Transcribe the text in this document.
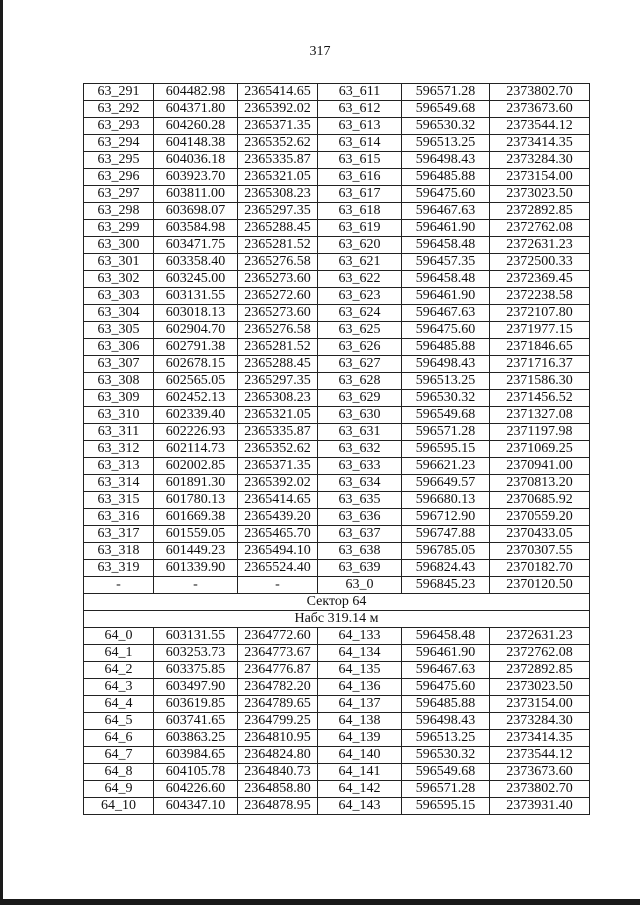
317
63_291	604482.98	2365414.65	63_611	596571.28	2373802.70
63_292	604371.80	2365392.02	63_612	596549.68	2373673.60
63_293	604260.28	2365371.35	63_613	596530.32	2373544.12
63_294	604148.38	2365352.62	63_614	596513.25	2373414.35
63_295	604036.18	2365335.87	63_615	596498.43	2373284.30
63_296	603923.70	2365321.05	63_616	596485.88	2373154.00
63_297	603811.00	2365308.23	63_617	596475.60	2373023.50
63_298	603698.07	2365297.35	63_618	596467.63	2372892.85
63_299	603584.98	2365288.45	63_619	596461.90	2372762.08
63_300	603471.75	2365281.52	63_620	596458.48	2372631.23
63_301	603358.40	2365276.58	63_621	596457.35	2372500.33
63_302	603245.00	2365273.60	63_622	596458.48	2372369.45
63_303	603131.55	2365272.60	63_623	596461.90	2372238.58
63_304	603018.13	2365273.60	63_624	596467.63	2372107.80
63_305	602904.70	2365276.58	63_625	596475.60	2371977.15
63_306	602791.38	2365281.52	63_626	596485.88	2371846.65
63_307	602678.15	2365288.45	63_627	596498.43	2371716.37
63_308	602565.05	2365297.35	63_628	596513.25	2371586.30
63_309	602452.13	2365308.23	63_629	596530.32	2371456.52
63_310	602339.40	2365321.05	63_630	596549.68	2371327.08
63_311	602226.93	2365335.87	63_631	596571.28	2371197.98
63_312	602114.73	2365352.62	63_632	596595.15	2371069.25
63_313	602002.85	2365371.35	63_633	596621.23	2370941.00
63_314	601891.30	2365392.02	63_634	596649.57	2370813.20
63_315	601780.13	2365414.65	63_635	596680.13	2370685.92
63_316	601669.38	2365439.20	63_636	596712.90	2370559.20
63_317	601559.05	2365465.70	63_637	596747.88	2370433.05
63_318	601449.23	2365494.10	63_638	596785.05	2370307.55
63_319	601339.90	2365524.40	63_639	596824.43	2370182.70
-	-	-	63_0	596845.23	2370120.50
Сектор 64					
Набс 319.14 м					
64_0	603131.55	2364772.60	64_133	596458.48	2372631.23
64_1	603253.73	2364773.67	64_134	596461.90	2372762.08
64_2	603375.85	2364776.87	64_135	596467.63	2372892.85
64_3	603497.90	2364782.20	64_136	596475.60	2373023.50
64_4	603619.85	2364789.65	64_137	596485.88	2373154.00
64_5	603741.65	2364799.25	64_138	596498.43	2373284.30
64_6	603863.25	2364810.95	64_139	596513.25	2373414.35
64_7	603984.65	2364824.80	64_140	596530.32	2373544.12
64_8	604105.78	2364840.73	64_141	596549.68	2373673.60
64_9	604226.60	2364858.80	64_142	596571.28	2373802.70
64_10	604347.10	2364878.95	64_143	596595.15	2373931.40
